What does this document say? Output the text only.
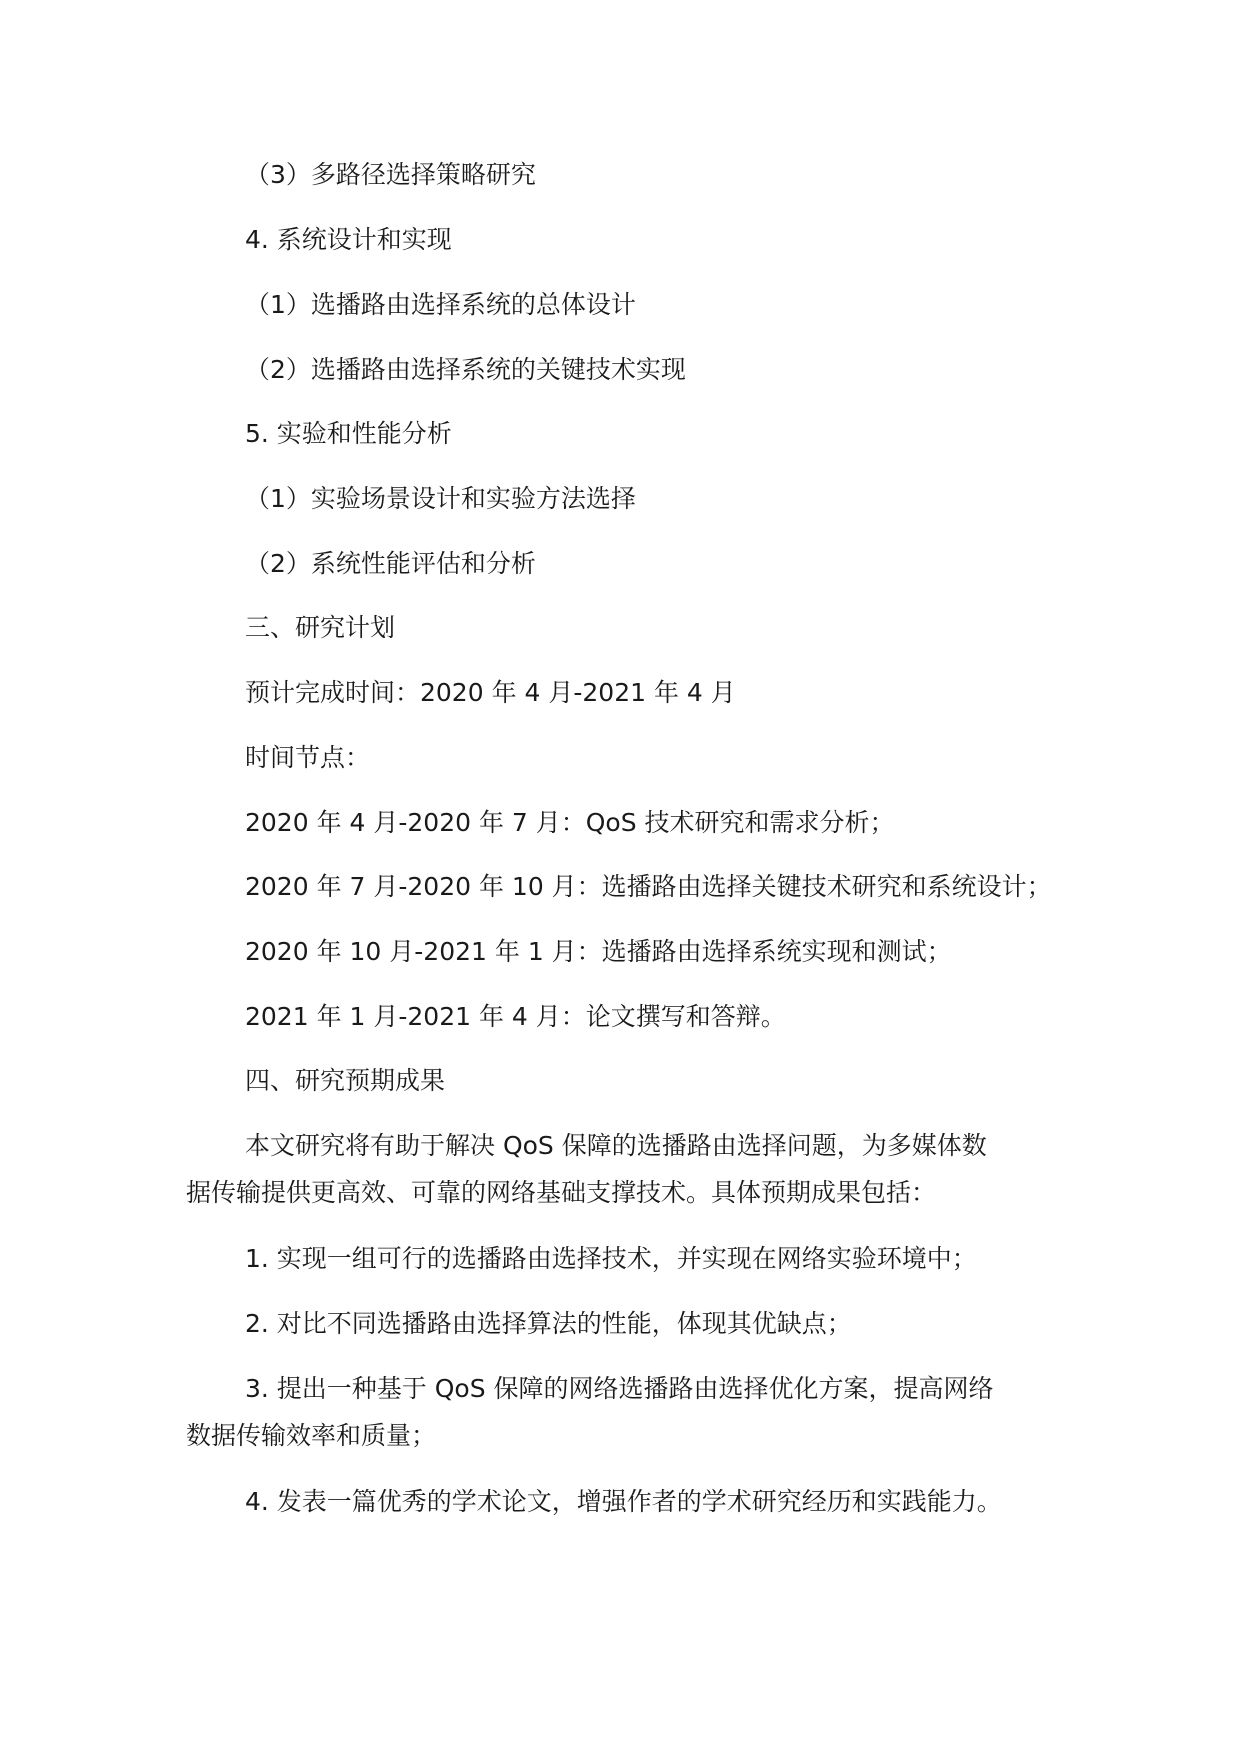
（3）多路径选择策略研究
4. 系统设计和实现
（1）选播路由选择系统的总体设计
（2）选播路由选择系统的关键技术实现
5. 实验和性能分析
（1）实验场景设计和实验方法选择
（2）系统性能评估和分析
三、研究计划
预计完成时间：2020 年 4 月-2021 年 4 月
时间节点：
2020 年 4 月-2020 年 7 月：QoS 技术研究和需求分析；
2020 年 7 月-2020 年 10 月：选播路由选择关键技术研究和系统设计；
2020 年 10 月-2021 年 1 月：选播路由选择系统实现和测试；
2021 年 1 月-2021 年 4 月：论文撰写和答辩。
四、研究预期成果
本文研究将有助于解决 QoS 保障的选播路由选择问题，为多媒体数
据传输提供更高效、可靠的网络基础支撑技术。具体预期成果包括：
1. 实现一组可行的选播路由选择技术，并实现在网络实验环境中；
2. 对比不同选播路由选择算法的性能，体现其优缺点；
3. 提出一种基于 QoS 保障的网络选播路由选择优化方案，提高网络
数据传输效率和质量；
4. 发表一篇优秀的学术论文，增强作者的学术研究经历和实践能力。
